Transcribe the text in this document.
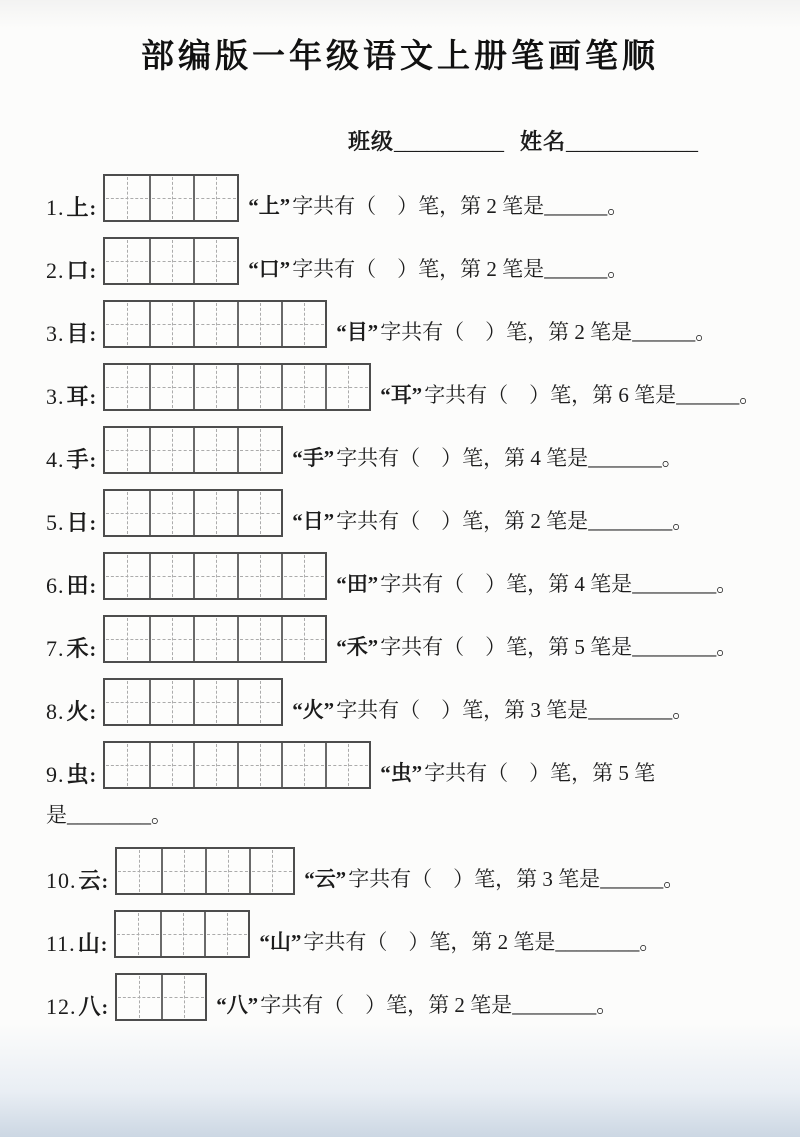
部编版一年级语文上册笔画笔顺
班级__________ 姓名____________
1.上:	“上”字共有（　）笔，第 2 笔是______。
2.口:	“口”字共有（　）笔，第 2 笔是______。
3.目:	“目”字共有（　）笔，第 2 笔是______。
3.耳:	“耳”字共有（　）笔，第 6 笔是______。
4.手:	“手”字共有（　）笔，第 4 笔是_______。
5.日:	“日”字共有（　）笔，第 2 笔是________。
6.田:	“田”字共有（　）笔，第 4 笔是________。
7.禾:	“禾”字共有（　）笔，第 5 笔是________。
8.火:	“火”字共有（　）笔，第 3 笔是________。
9.虫:	“虫”字共有（　）笔，第 5 笔
是________。
10.云:	“云”字共有（　）笔，第 3 笔是______。
11.山:	“山”字共有（　）笔，第 2 笔是________。
12.八:	“八”字共有（　）笔，第 2 笔是________。
